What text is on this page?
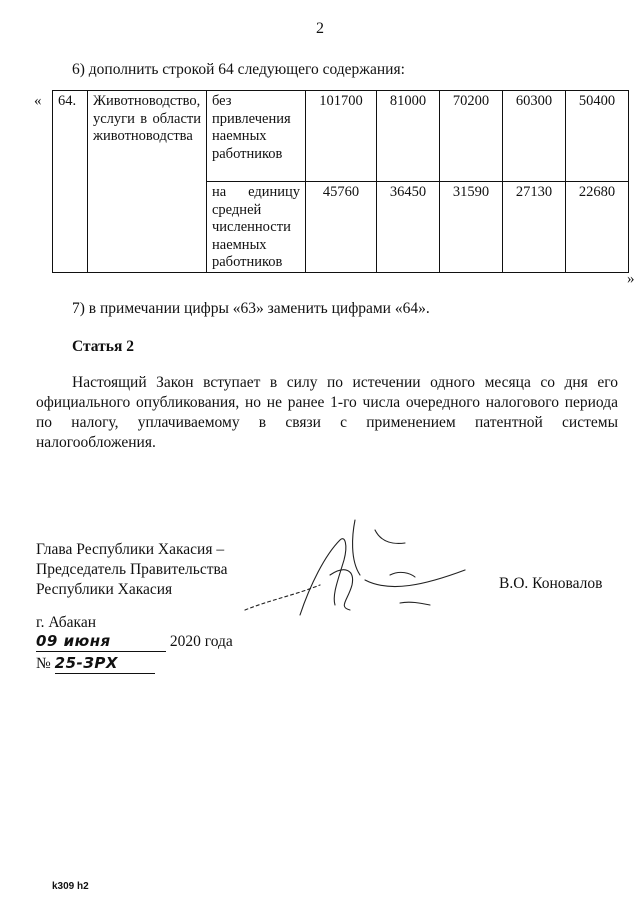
2
6) дополнить строкой 64 следующего содержания:
« 64.	Животноводство, услуги в области животноводства	без привлечения наемных работников	101700	81000	70200	60300	50400
		на единицу средней численности наемных работников	45760	36450	31590	27130	22680
»
7) в примечании цифры «63» заменить цифрами «64».
Статья 2
Настоящий Закон вступает в силу по истечении одного месяца со дня его официального опубликования, но не ранее 1-го числа очередного налогового периода по налогу, уплачиваемому в связи с применением патентной системы налогообложения.
Глава Республики Хакасия –
Председатель Правительства
Республики Хакасия	В.О. Коновалов
г. Абакан
09 июня	2020 года
№ 25-ЗРХ
k309 h2
